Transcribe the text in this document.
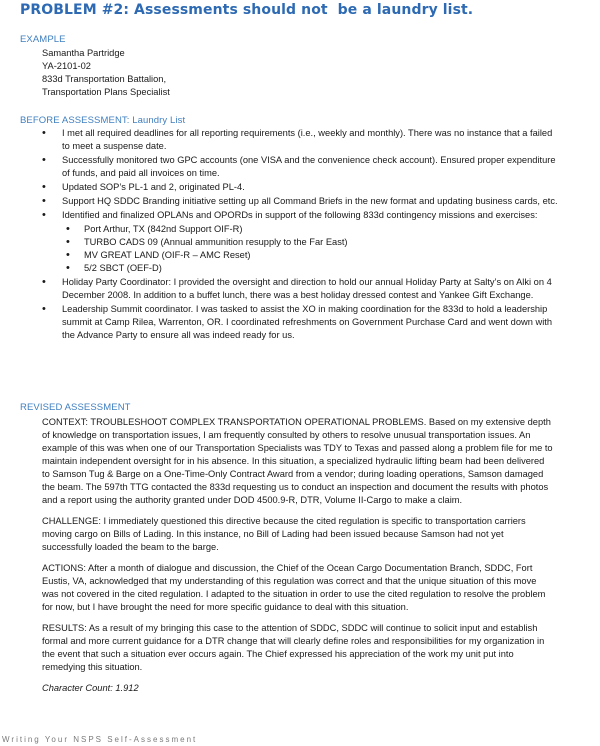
PROBLEM #2: Assessments should not  be a laundry list.
EXAMPLE
Samantha Partridge
YA-2101-02
833d Transportation Battalion,
Transportation Plans Specialist
BEFORE ASSESSMENT: Laundry List
• I met all required deadlines for all reporting requirements (i.e., weekly and monthly). There was no instance that a failed to meet a suspense date.
• Successfully monitored two GPC accounts (one VISA and the convenience check account). Ensured proper expenditure of funds, and paid all invoices on time.
• Updated SOP’s PL-1 and 2, originated PL-4.
• Support HQ SDDC Branding initiative setting up all Command Briefs in the new format and updating business cards, etc.
• Identified and finalized OPLANs and OPORDs in support of the following 833d contingency missions and exercises:
• Port Arthur, TX (842nd Support OIF-R)
• TURBO CADS 09 (Annual ammunition resupply to the Far East)
• MV GREAT LAND (OIF-R – AMC Reset)
• 5/2 SBCT (OEF-D)
• Holiday Party Coordinator: I provided the oversight and direction to hold our annual Holiday Party at Salty’s on Alki on 4 December 2008. In addition to a buffet lunch, there was a best holiday dressed contest and Yankee Gift Exchange.
• Leadership Summit coordinator. I was tasked to assist the XO in making coordination for the 833d to hold a leadership summit at Camp Rilea, Warrenton, OR. I coordinated refreshments on Government Purchase Card and went down with the Advance Party to ensure all was indeed ready for us.
REVISED ASSESSMENT

CONTEXT: TROUBLESHOOT COMPLEX TRANSPORTATION OPERATIONAL PROBLEMS. Based on my extensive depth of knowledge on transportation issues, I am frequently consulted by others to resolve unusual transportation issues. An example of this was when one of our Transportation Specialists was TDY to Texas and passed along a problem file for me to maintain independent oversight for in his absence. In this situation, a specialized hydraulic lifting beam had been delivered to Samson Tug & Barge on a One-Time-Only Contract Award from a vendor; during loading operations, Samson damaged the beam. The 597th TTG contacted the 833d requesting us to conduct an inspection and document the results with photos and a report using the authority granted under DOD 4500.9-R, DTR, Volume II-Cargo to make a claim.

CHALLENGE: I immediately questioned this directive because the cited regulation is specific to transportation carriers moving cargo on Bills of Lading. In this instance, no Bill of Lading had been issued because Samson had not yet successfully loaded the beam to the barge.

ACTIONS: After a month of dialogue and discussion, the Chief of the Ocean Cargo Documentation Branch, SDDC, Fort Eustis, VA, acknowledged that my understanding of this regulation was correct and that the unique situation of this move was not covered in the cited regulation. I adapted to the situation in order to use the cited regulation to resolve the problem for now, but I have brought the need for more specific guidance to deal with this situation.

RESULTS: As a result of my bringing this case to the attention of SDDC, SDDC will continue to solicit input and establish formal and more current guidance for a DTR change that will clearly define roles and responsibilities for my organization in the event that such a situation ever occurs again. The Chief expressed his appreciation of the work my unit put into remedying this situation.

Character Count: 1.912

Writing Your NSPS Self-Assessment
